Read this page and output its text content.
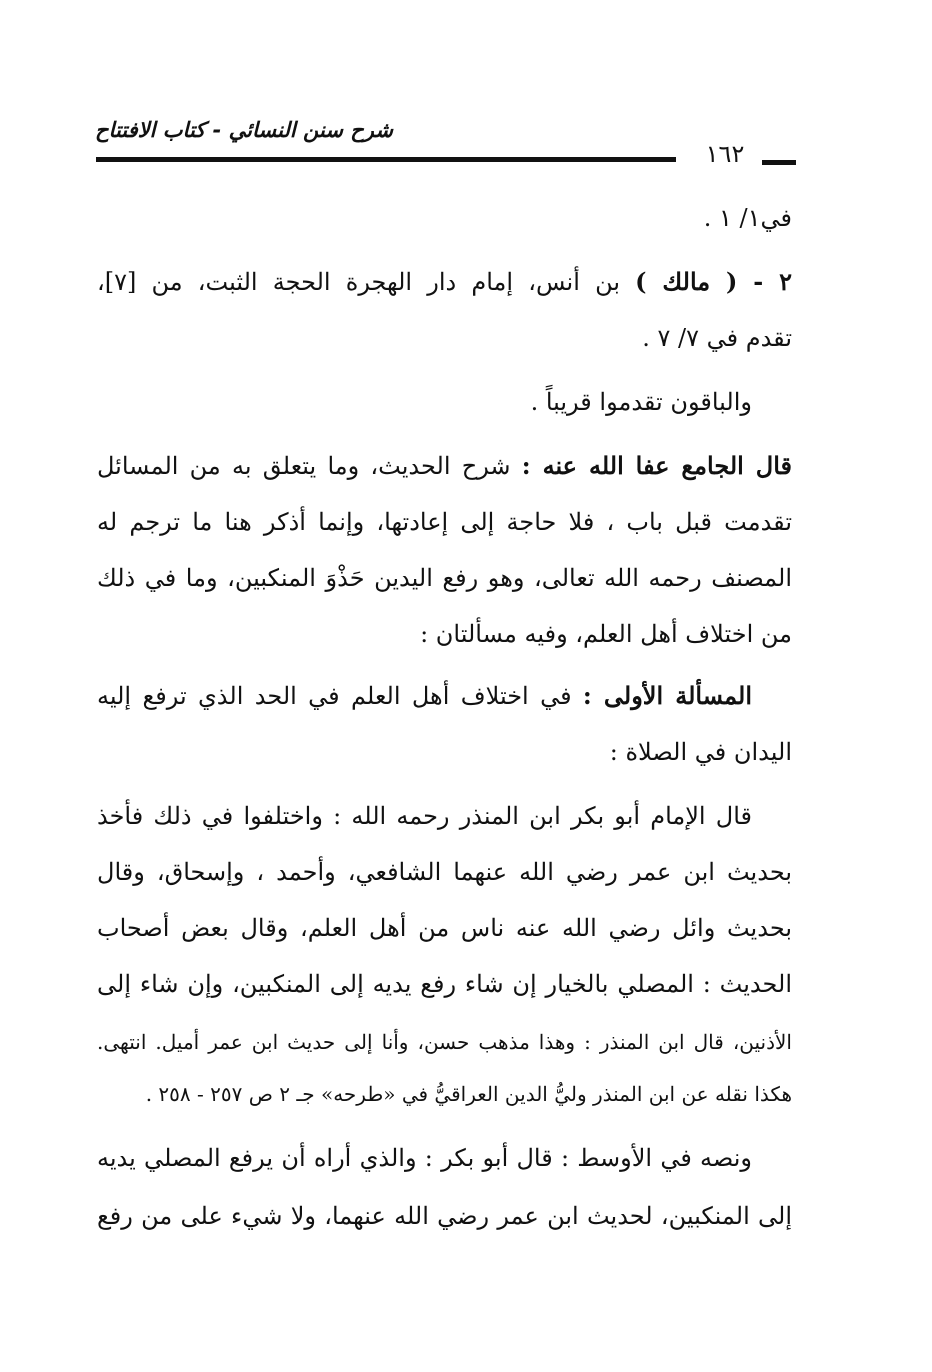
شرح سنن النسائي - كتاب الافتتاح
١٦٢
في١/ ١ .
٢ - ( مالك ) بن أنس، إمام دار الهجرة الحجة الثبت، من [٧]،
تقدم في ٧/ ٧ .
والباقون تقدموا قريباً .
قال الجامع عفا الله عنه : شرح الحديث، وما يتعلق به من المسائل
تقدمت قبل باب ، فلا حاجة إلى إعادتها، وإنما أذكر هنا ما ترجم له
المصنف رحمه الله تعالى، وهو رفع اليدين حَذْوَ المنكبين، وما في ذلك
من اختلاف أهل العلم، وفيه مسألتان :
المسألة الأولى : في اختلاف أهل العلم في الحد الذي ترفع إليه
اليدان في الصلاة :
قال الإمام أبو بكر ابن المنذر رحمه الله : واختلفوا في ذلك فأخذ
بحديث ابن عمر رضي الله عنهما الشافعي، وأحمد ، وإسحاق، وقال
بحديث وائل رضي الله عنه ناس من أهل العلم، وقال بعض أصحاب
الحديث : المصلي بالخيار إن شاء رفع يديه إلى المنكبين، وإن شاء إلى
الأذنين، قال ابن المنذر : وهذا مذهب حسن، وأنا إلى حديث ابن عمر أميل. انتهى.
هكذا نقله عن ابن المنذر وليُّ الدين العراقيُّ في «طرحه» جـ ٢ ص ٢٥٧ - ٢٥٨ .
ونصه في الأوسط : قال أبو بكر : والذي أراه أن يرفع المصلي يديه
إلى المنكبين، لحديث ابن عمر رضي الله عنهما، ولا شيء على من رفع
